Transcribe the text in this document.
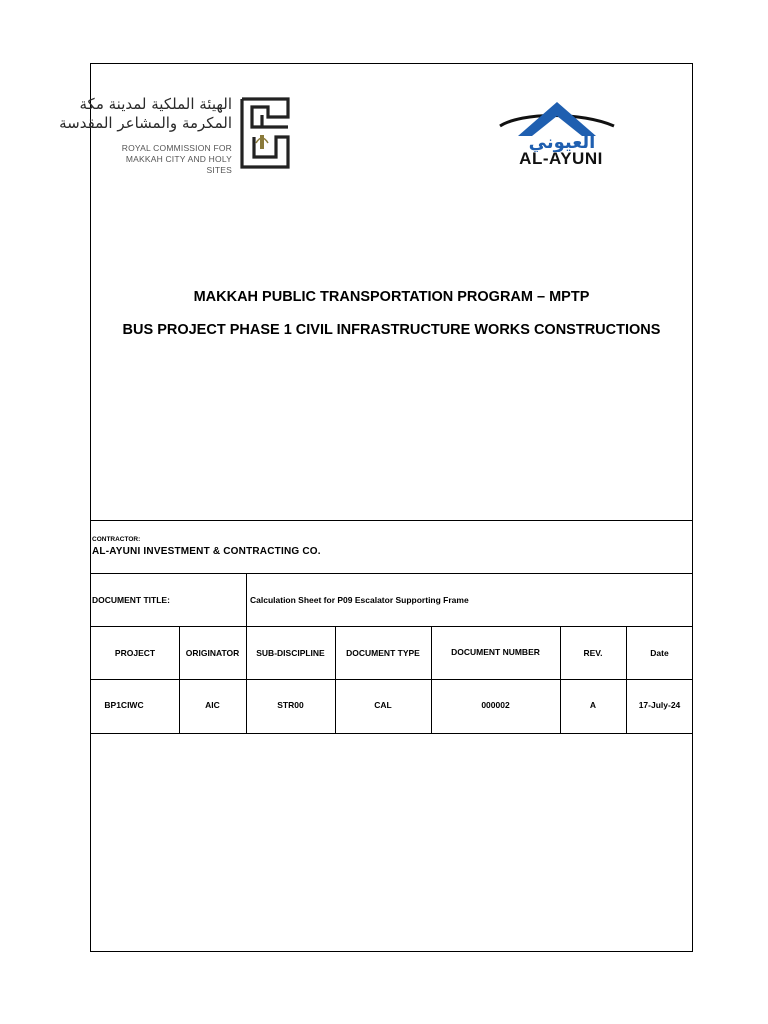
الهيئة الملكية لمدينة مكة
المكرمة والمشاعر المقدسة
ROYAL COMMISSION FOR
MAKKAH CITY AND HOLY SITES
العيوني
AL-AYUNI
MAKKAH PUBLIC TRANSPORTATION PROGRAM – MPTP
BUS PROJECT PHASE 1 CIVIL INFRASTRUCTURE WORKS CONSTRUCTIONS
CONTRACTOR:
AL-AYUNI INVESTMENT & CONTRACTING CO.
DOCUMENT TITLE:	Calculation Sheet for P09 Escalator Supporting Frame
PROJECT	ORIGINATOR	SUB-DISCIPLINE	DOCUMENT TYPE	DOCUMENT NUMBER	REV.	Date
BP1CIWC	AIC	STR00	CAL	000002	A	17-July-24
